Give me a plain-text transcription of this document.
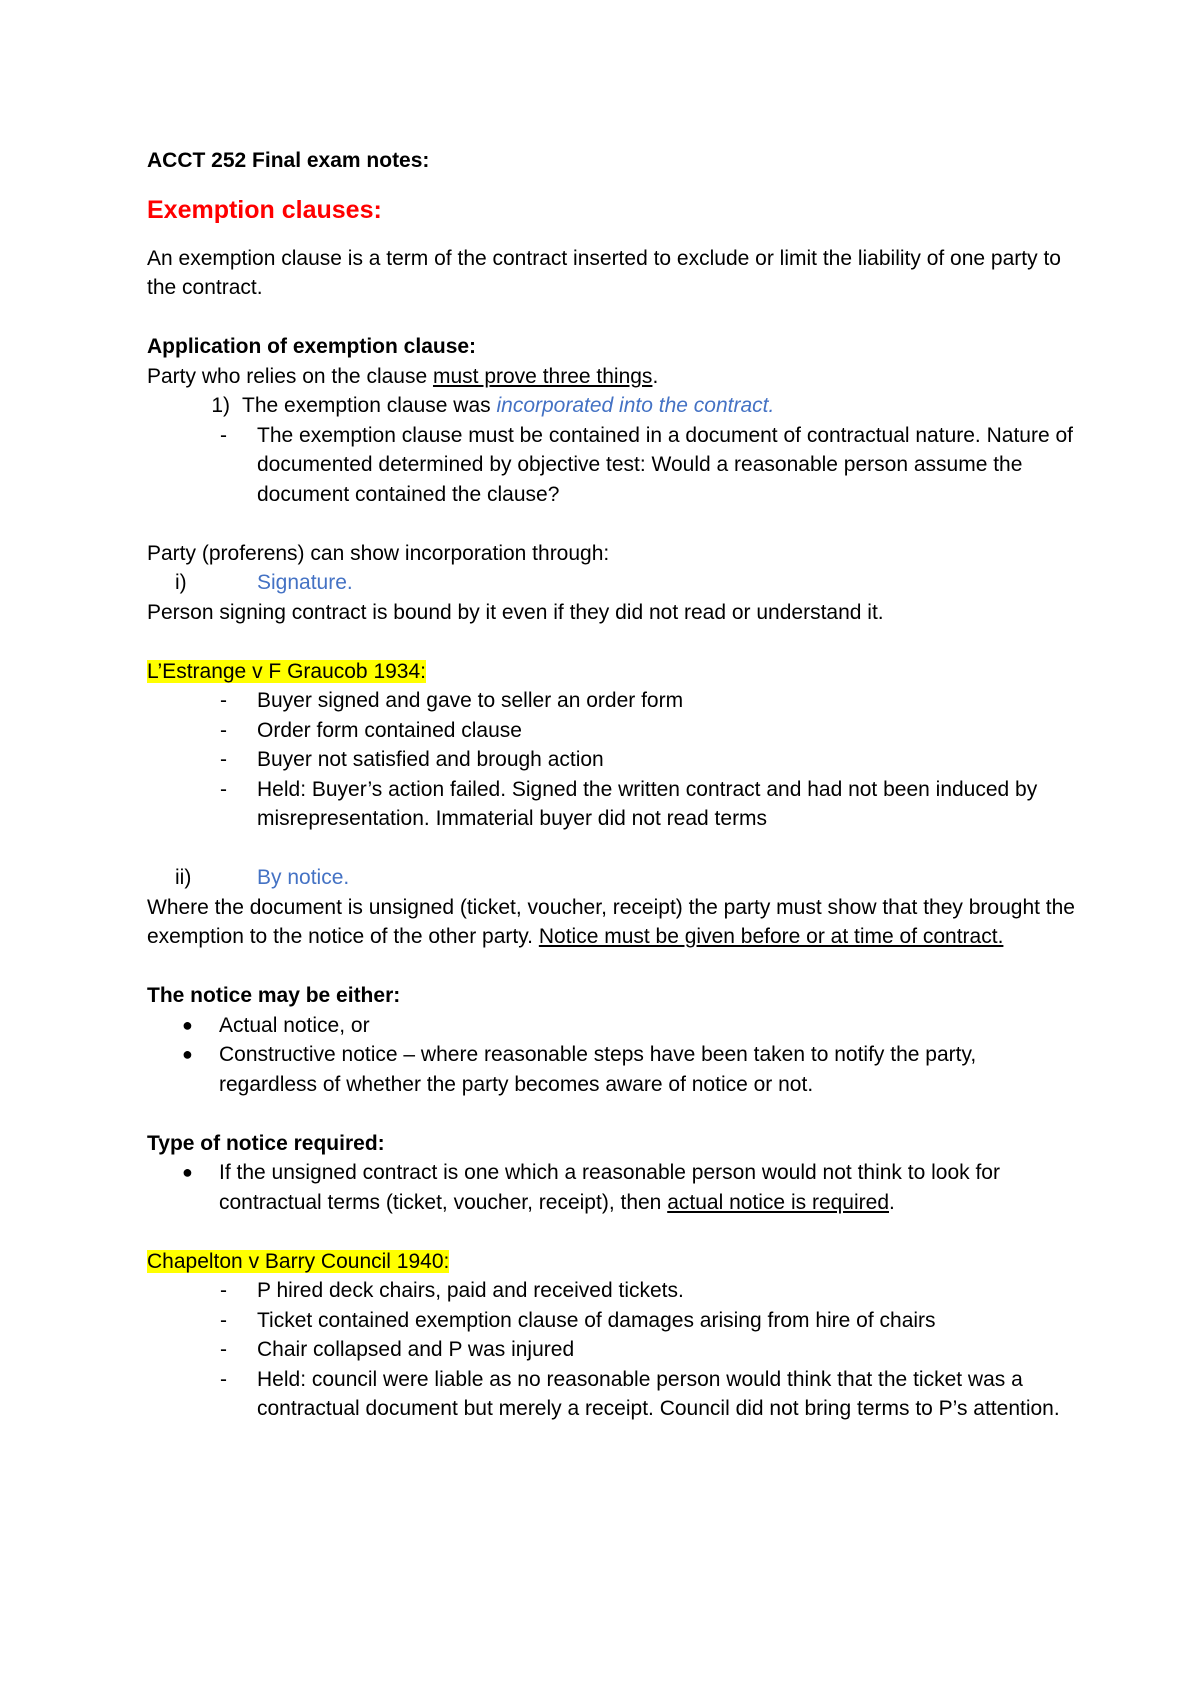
ACCT 252 Final exam notes:

Exemption clauses:

An exemption clause is a term of the contract inserted to exclude or limit the liability of one party to the contract.

Application of exemption clause:

Party who relies on the clause must prove three things.

1) The exemption clause was incorporated into the contract.
-	The exemption clause must be contained in a document of contractual nature. Nature of documented determined by objective test: Would a reasonable person assume the document contained the clause?

Party (proferens) can show incorporation through:

i)	Signature.

Person signing contract is bound by it even if they did not read or understand it.

L’Estrange v F Graucob 1934:

-	Buyer signed and gave to seller an order form
-	Order form contained clause
-	Buyer not satisfied and brough action
-	Held: Buyer’s action failed. Signed the written contract and had not been induced by misrepresentation. Immaterial buyer did not read terms
ii)	By notice.

Where the document is unsigned (ticket, voucher, receipt) the party must show that they brought the exemption to the notice of the other party. Notice must be given before or at time of contract.

The notice may be either:

●	Actual notice, or
●	Constructive notice – where reasonable steps have been taken to notify the party, regardless of whether the party becomes aware of notice or not.

Type of notice required:

●	If the unsigned contract is one which a reasonable person would not think to look for contractual terms (ticket, voucher, receipt), then actual notice is required.

Chapelton v Barry Council 1940:

-	P hired deck chairs, paid and received tickets.
-	Ticket contained exemption clause of damages arising from hire of chairs
-	Chair collapsed and P was injured
-	Held: council were liable as no reasonable person would think that the ticket was a contractual document but merely a receipt. Council did not bring terms to P’s attention.
